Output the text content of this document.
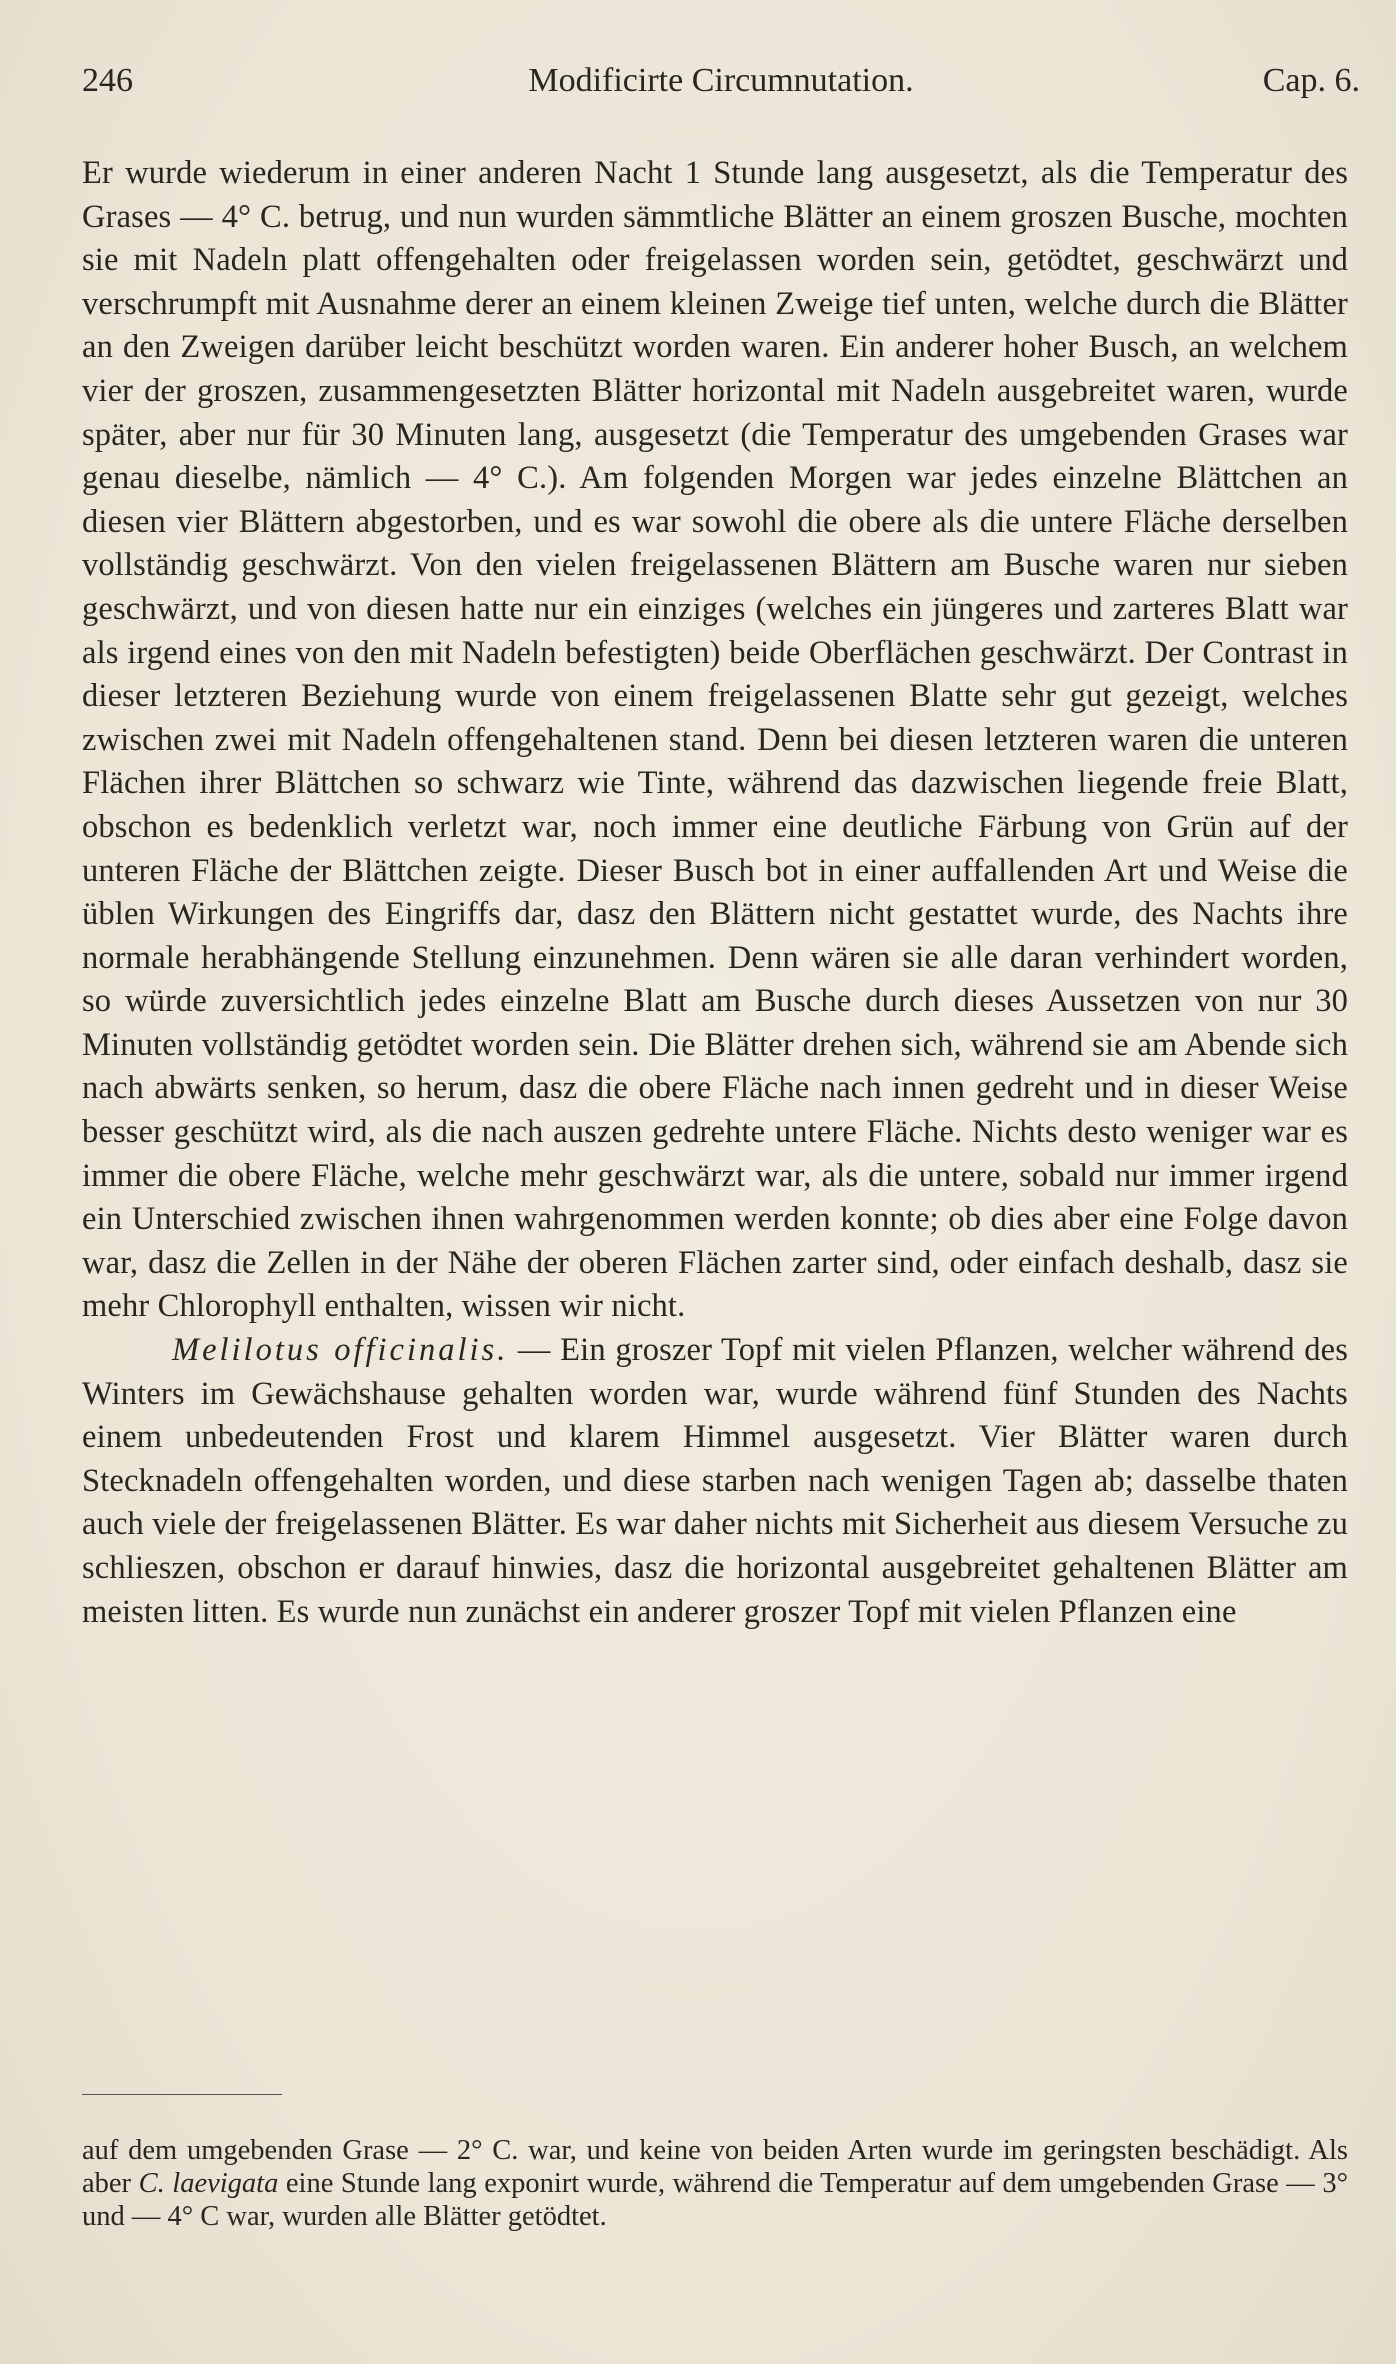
246	Modificirte Circumnutation.	Cap. 6.

Er wurde wiederum in einer anderen Nacht 1 Stunde lang ausgesetzt, als die Temperatur des Grases — 4° C. betrug, und nun wurden sämmtliche Blätter an einem groszen Busche, mochten sie mit Nadeln platt offengehalten oder freigelassen worden sein, getödtet, geschwärzt und verschrumpft mit Ausnahme derer an einem kleinen Zweige tief unten, welche durch die Blätter an den Zweigen darüber leicht beschützt worden waren. Ein anderer hoher Busch, an welchem vier der groszen, zusammengesetzten Blätter horizontal mit Nadeln ausgebreitet waren, wurde später, aber nur für 30 Minuten lang, ausgesetzt (die Temperatur des umgebenden Grases war genau dieselbe, nämlich — 4° C.). Am folgenden Morgen war jedes einzelne Blättchen an diesen vier Blättern abgestorben, und es war sowohl die obere als die untere Fläche derselben vollständig geschwärzt. Von den vielen freigelassenen Blättern am Busche waren nur sieben geschwärzt, und von diesen hatte nur ein einziges (welches ein jüngeres und zarteres Blatt war als irgend eines von den mit Nadeln befestigten) beide Oberflächen geschwärzt. Der Contrast in dieser letzteren Beziehung wurde von einem freigelassenen Blatte sehr gut gezeigt, welches zwischen zwei mit Nadeln offengehaltenen stand. Denn bei diesen letzteren waren die unteren Flächen ihrer Blättchen so schwarz wie Tinte, während das dazwischen liegende freie Blatt, obschon es bedenklich verletzt war, noch immer eine deutliche Färbung von Grün auf der unteren Fläche der Blättchen zeigte. Dieser Busch bot in einer auffallenden Art und Weise die üblen Wirkungen des Eingriffs dar, dasz den Blättern nicht gestattet wurde, des Nachts ihre normale herabhängende Stellung einzunehmen. Denn wären sie alle daran verhindert worden, so würde zuversichtlich jedes einzelne Blatt am Busche durch dieses Aussetzen von nur 30 Minuten vollständig getödtet worden sein. Die Blätter drehen sich, während sie am Abende sich nach abwärts senken, so herum, dasz die obere Fläche nach innen gedreht und in dieser Weise besser geschützt wird, als die nach auszen gedrehte untere Fläche. Nichts desto weniger war es immer die obere Fläche, welche mehr geschwärzt war, als die untere, sobald nur immer irgend ein Unterschied zwischen ihnen wahrgenommen werden konnte; ob dies aber eine Folge davon war, dasz die Zellen in der Nähe der oberen Flächen zarter sind, oder einfach deshalb, dasz sie mehr Chlorophyll enthalten, wissen wir nicht.

Melilotus officinalis. — Ein groszer Topf mit vielen Pflanzen, welcher während des Winters im Gewächshause gehalten worden war, wurde während fünf Stunden des Nachts einem unbedeutenden Frost und klarem Himmel ausgesetzt. Vier Blätter waren durch Stecknadeln offengehalten worden, und diese starben nach wenigen Tagen ab; dasselbe thaten auch viele der freigelassenen Blätter. Es war daher nichts mit Sicherheit aus diesem Versuche zu schlieszen, obschon er darauf hinwies, dasz die horizontal ausgebreitet gehaltenen Blätter am meisten litten. Es wurde nun zunächst ein anderer groszer Topf mit vielen Pflanzen eine

auf dem umgebenden Grase — 2° C. war, und keine von beiden Arten wurde im geringsten beschädigt. Als aber C. laevigata eine Stunde lang exponirt wurde, während die Temperatur auf dem umgebenden Grase — 3° und — 4° C war, wurden alle Blätter getödtet.
